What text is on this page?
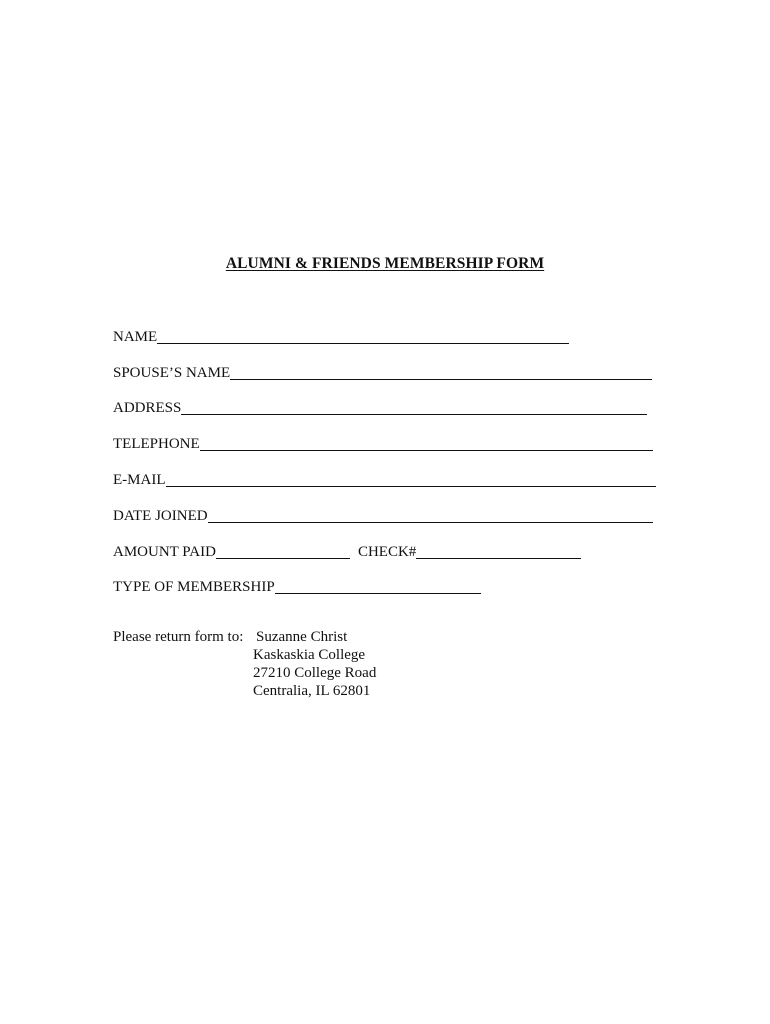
ALUMNI & FRIENDS MEMBERSHIP FORM
NAME
SPOUSE’S NAME
ADDRESS
TELEPHONE
E-MAIL
DATE JOINED
AMOUNT PAID	CHECK#
TYPE OF MEMBERSHIP
Please return form to: Suzanne Christ
Kaskaskia College
27210 College Road
Centralia, IL 62801
